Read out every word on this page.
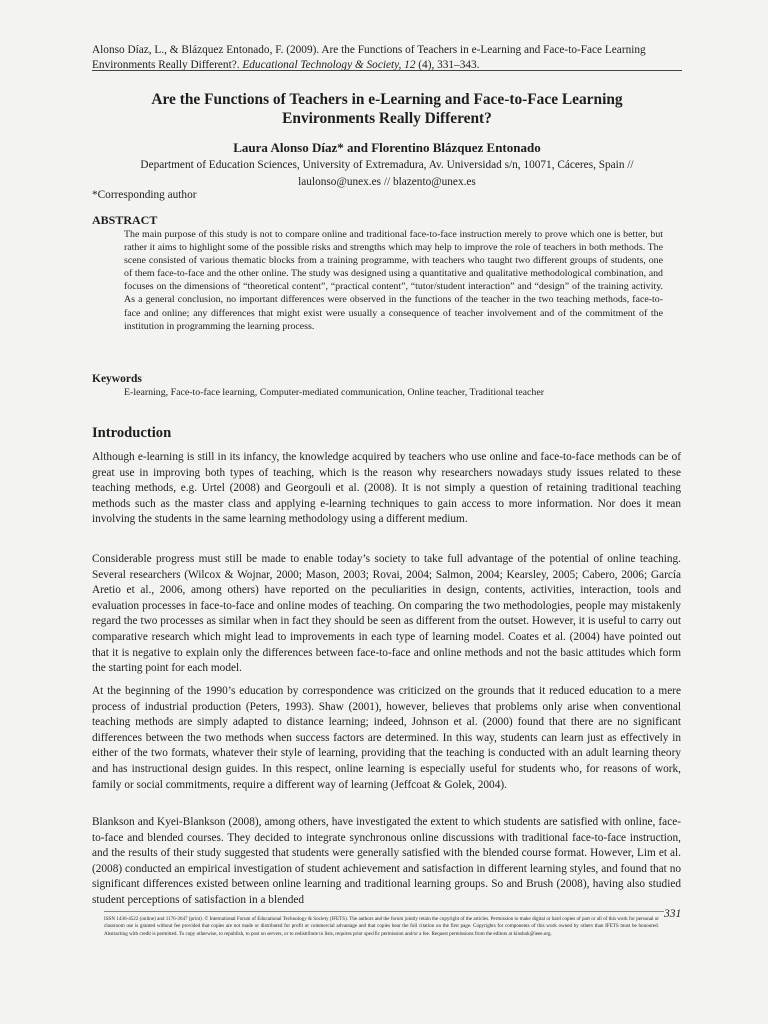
Alonso Díaz, L., & Blázquez Entonado, F. (2009). Are the Functions of Teachers in e-Learning and Face-to-Face Learning
Environments Really Different?. Educational Technology & Society, 12 (4), 331–343.
Are the Functions of Teachers in e-Learning and Face-to-Face Learning
Environments Really Different?
Laura Alonso Díaz* and Florentino Blázquez Entonado
Department of Education Sciences, University of Extremadura, Av. Universidad s/n, 10071, Cáceres, Spain //
laulonso@unex.es // blazento@unex.es
*Corresponding author
ABSTRACT
The main purpose of this study is not to compare online and traditional face-to-face instruction merely to prove which one is better, but rather it aims to highlight some of the possible risks and strengths which may help to improve the role of teachers in both methods. The scene consisted of various thematic blocks from a training programme, with teachers who taught two different groups of students, one of them face-to-face and the other online. The study was designed using a quantitative and qualitative methodological combination, and focuses on the dimensions of “theoretical content”, “practical content”, “tutor/student interaction” and “design” of the training activity. As a general conclusion, no important differences were observed in the functions of the teacher in the two teaching methods, face-to-face and online; any differences that might exist were usually a consequence of teacher involvement and of the commitment of the institution in programming the learning process.
Keywords
E-learning, Face-to-face learning, Computer-mediated communication, Online teacher, Traditional teacher
Introduction
Although e-learning is still in its infancy, the knowledge acquired by teachers who use online and face-to-face methods can be of great use in improving both types of teaching, which is the reason why researchers nowadays study issues related to these teaching methods, e.g. Urtel (2008) and Georgouli et al. (2008). It is not simply a question of retaining traditional teaching methods such as the master class and applying e-learning techniques to gain access to more information. Nor does it mean involving the students in the same learning methodology using a different medium.
Considerable progress must still be made to enable today’s society to take full advantage of the potential of online teaching. Several researchers (Wilcox & Wojnar, 2000; Mason, 2003; Rovai, 2004; Salmon, 2004; Kearsley, 2005; Cabero, 2006; García Aretio et al., 2006, among others) have reported on the peculiarities in design, contents, activities, interaction, tools and evaluation processes in face-to-face and online modes of teaching. On comparing the two methodologies, people may mistakenly regard the two processes as similar when in fact they should be seen as different from the outset. However, it is useful to carry out comparative research which might lead to improvements in each type of learning model. Coates et al. (2004) have pointed out that it is negative to explain only the differences between face-to-face and online methods and not the basic attitudes which form the starting point for each model.
At the beginning of the 1990’s education by correspondence was criticized on the grounds that it reduced education to a mere process of industrial production (Peters, 1993). Shaw (2001), however, believes that problems only arise when conventional teaching methods are simply adapted to distance learning; indeed, Johnson et al. (2000) found that there are no significant differences between the two methods when success factors are determined. In this way, students can learn just as effectively in either of the two formats, whatever their style of learning, providing that the teaching is conducted with an adult learning theory and has instructional design guides. In this respect, online learning is especially useful for students who, for reasons of work, family or social commitments, require a different way of learning (Jeffcoat & Golek, 2004).
Blankson and Kyei-Blankson (2008), among others, have investigated the extent to which students are satisfied with online, face-to-face and blended courses. They decided to integrate synchronous online discussions with traditional face-to-face instruction, and the results of their study suggested that students were generally satisfied with the blended course format. However, Lim et al. (2008) conducted an empirical investigation of student achievement and satisfaction in different learning styles, and found that no significant differences existed between online learning and traditional learning groups. So and Brush (2008), having also studied student perceptions of satisfaction in a blended
331
ISSN 1436-4522 (online) and 1176-3647 (print). © International Forum of Educational Technology & Society (IFETS). The authors and the forum jointly retain the copyright of the articles. Permission to make digital or hard copies of part or all of this work for personal or classroom use is granted without fee provided that copies are not made or distributed for profit or commercial advantage and that copies bear the full citation on the first page. Copyrights for components of this work owned by others than IFETS must be honoured. Abstracting with credit is permitted. To copy otherwise, to republish, to post on servers, or to redistribute to lists, requires prior specific permission and/or a fee. Request permissions from the editors at kinshuk@ieee.org.
